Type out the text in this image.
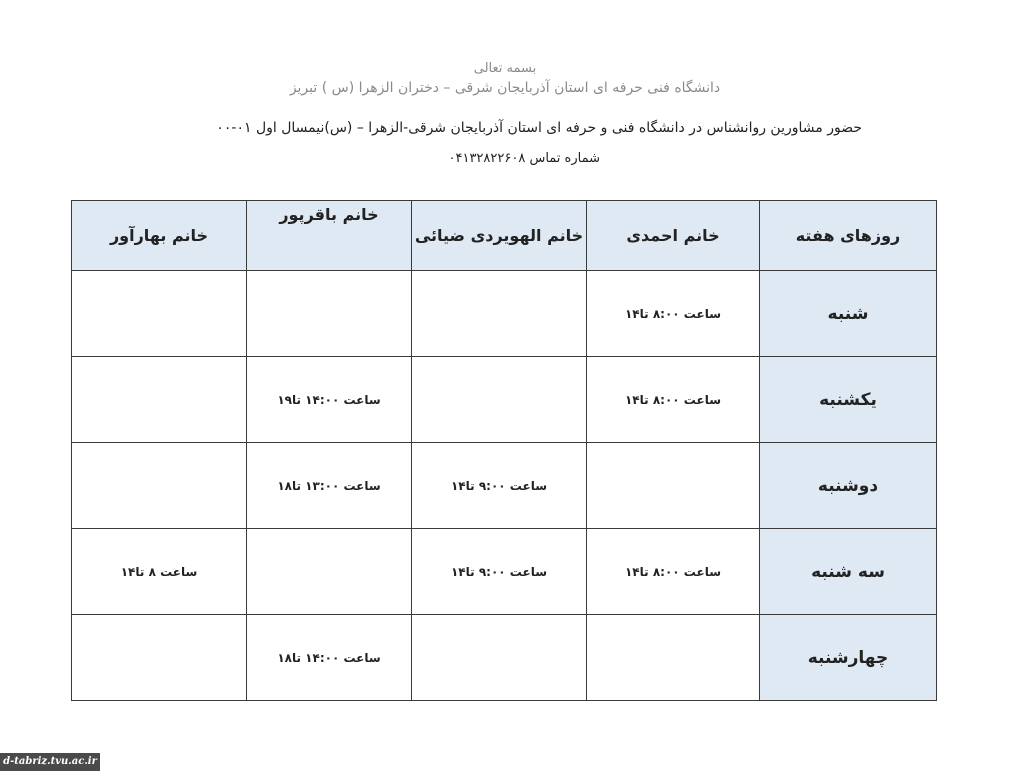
بسمه تعالی
دانشگاه فنی حرفه ای استان آذربایجان شرقی – دختران الزهرا (س ) تبریز
حضور مشاورین روانشناس در دانشگاه فنی و حرفه ای استان آذربایجان شرقی-الزهرا – (س)نیمسال اول ۰۱-۰۰
شماره تماس ۰۴۱۳۲۸۲۲۶۰۸
روزهای هفته	خانم احمدی	خانم الهویردی ضیائی	خانم باقرپور	خانم بهارآور
شنبه	ساعت ۸:۰۰ تا۱۴			
یکشنبه	ساعت ۸:۰۰ تا۱۴		ساعت ۱۴:۰۰ تا۱۹	
دوشنبه		ساعت ۹:۰۰ تا۱۴	ساعت ۱۳:۰۰ تا۱۸	
سه شنبه	ساعت ۸:۰۰ تا۱۴	ساعت ۹:۰۰ تا۱۴		ساعت ۸ تا۱۴
چهارشنبه			ساعت ۱۴:۰۰ تا۱۸	
d-tabriz.tvu.ac.ir
